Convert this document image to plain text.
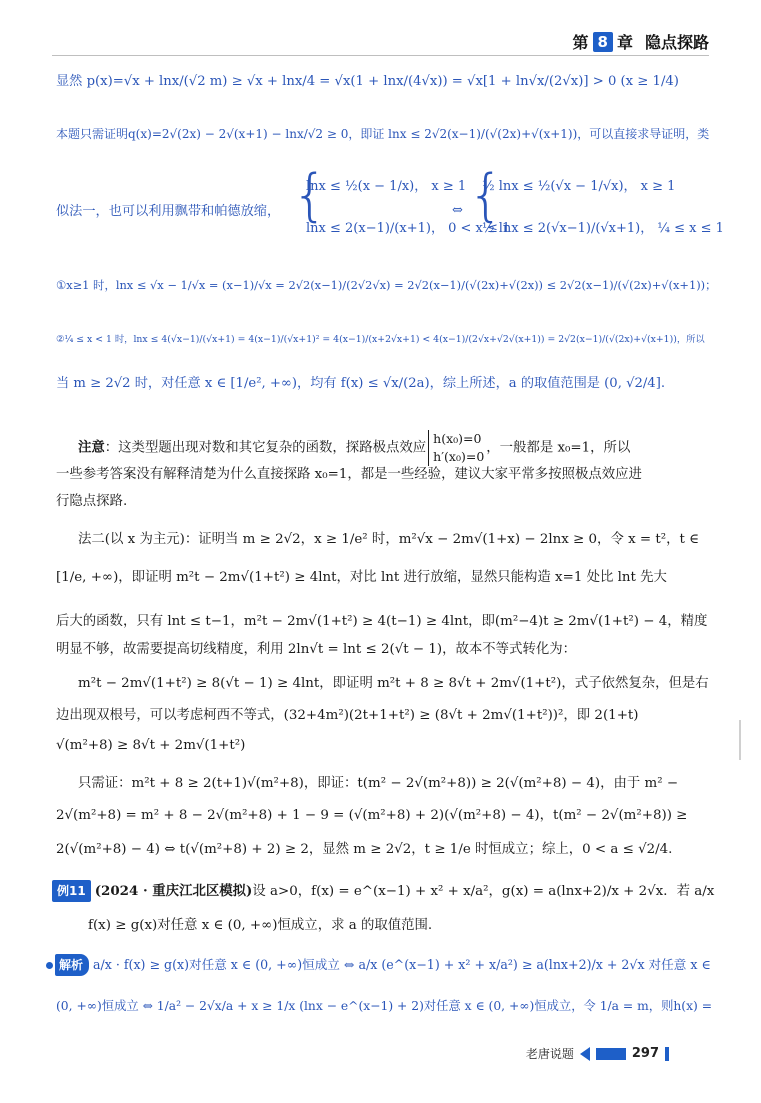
第 8 章 隐点探路
显然 p(x)=√x + lnx/(√2 m) ≥ √x + lnx/4 = √x(1 + lnx/(4√x)) = √x[1 + ln√x/(2√x)] > 0 (x ≥ 1/4)
本题只需证明q(x)=2√(2x) − 2√(x+1) − lnx/√2 ≥ 0，即证 lnx ≤ 2√2(x−1)/(√(2x)+√(x+1))，可以直接求导证明，类
似法一，也可以利用飘带和帕德放缩， {
lnx ≤ ½(x − 1/x)， x ≥ 1
lnx ≤ 2(x−1)/(x+1)， 0 < x ≤ 1
⇔ {
½ lnx ≤ ½(√x − 1/√x)， x ≥ 1
½ lnx ≤ 2(√x−1)/(√x+1)， ¼ ≤ x ≤ 1
①x≥1 时，lnx ≤ √x − 1/√x = (x−1)/√x = 2√2(x−1)/(2√2√x) = 2√2(x−1)/(√(2x)+√(2x)) ≤ 2√2(x−1)/(√(2x)+√(x+1))；
②¼ ≤ x < 1 时，lnx ≤ 4(√x−1)/(√x+1) = 4(x−1)/(√x+1)² = 4(x−1)/(x+2√x+1) < 4(x−1)/(2√x+√2√(x+1)) = 2√2(x−1)/(√(2x)+√(x+1))，所以
当 m ≥ 2√2 时，对任意 x ∈ [1/e², +∞)，均有 f(x) ≤ √x/(2a)，综上所述，a 的取值范围是 (0, √2/4].
注意：这类型题出现对数和其它复杂的函数，探路极点效应
h(x₀)=0
h′(x₀)=0
，一般都是 x₀=1，所以
一些参考答案没有解释清楚为什么直接探路 x₀=1，都是一些经验，建议大家平常多按照极点效应进
行隐点探路.
法二(以 x 为主元)：证明当 m ≥ 2√2，x ≥ 1/e² 时，m²√x − 2m√(1+x) − 2lnx ≥ 0，令 x = t²，t ∈
[1/e, +∞)，即证明 m²t − 2m√(1+t²) ≥ 4lnt，对比 lnt 进行放缩，显然只能构造 x=1 处比 lnt 先大
后大的函数，只有 lnt ≤ t−1，m²t − 2m√(1+t²) ≥ 4(t−1) ≥ 4lnt，即(m²−4)t ≥ 2m√(1+t²) − 4，精度
明显不够，故需要提高切线精度，利用 2ln√t = lnt ≤ 2(√t − 1)，故本不等式转化为：
m²t − 2m√(1+t²) ≥ 8(√t − 1) ≥ 4lnt，即证明 m²t + 8 ≥ 8√t + 2m√(1+t²)，式子依然复杂，但是右
边出现双根号，可以考虑柯西不等式，(32+4m²)(2t+1+t²) ≥ (8√t + 2m√(1+t²))²，即 2(1+t)
√(m²+8) ≥ 8√t + 2m√(1+t²)
只需证：m²t + 8 ≥ 2(t+1)√(m²+8)，即证：t(m² − 2√(m²+8)) ≥ 2(√(m²+8) − 4)，由于 m² −
2√(m²+8) = m² + 8 − 2√(m²+8) + 1 − 9 = (√(m²+8) + 2)(√(m²+8) − 4)，t(m² − 2√(m²+8)) ≥
2(√(m²+8) − 4) ⇔ t(√(m²+8) + 2) ≥ 2，显然 m ≥ 2√2，t ≥ 1/e 时恒成立；综上，0 < a ≤ √2/4.
例11 (2024 · 重庆江北区模拟)设 a>0，f(x) = e^(x−1) + x² + x/a²，g(x) = a(lnx+2)/x + 2√x．若 a/x
f(x) ≥ g(x)对任意 x ∈ (0, +∞)恒成立，求 a 的取值范围.
解析 a/x · f(x) ≥ g(x)对任意 x ∈ (0, +∞)恒成立 ⇔ a/x (e^(x−1) + x² + x/a²) ≥ a(lnx+2)/x + 2√x 对任意 x ∈
(0, +∞)恒成立 ⇔ 1/a² − 2√x/a + x ≥ 1/x (lnx − e^(x−1) + 2)对任意 x ∈ (0, +∞)恒成立，令 1/a = m，则h(x) =
老唐说题	297
